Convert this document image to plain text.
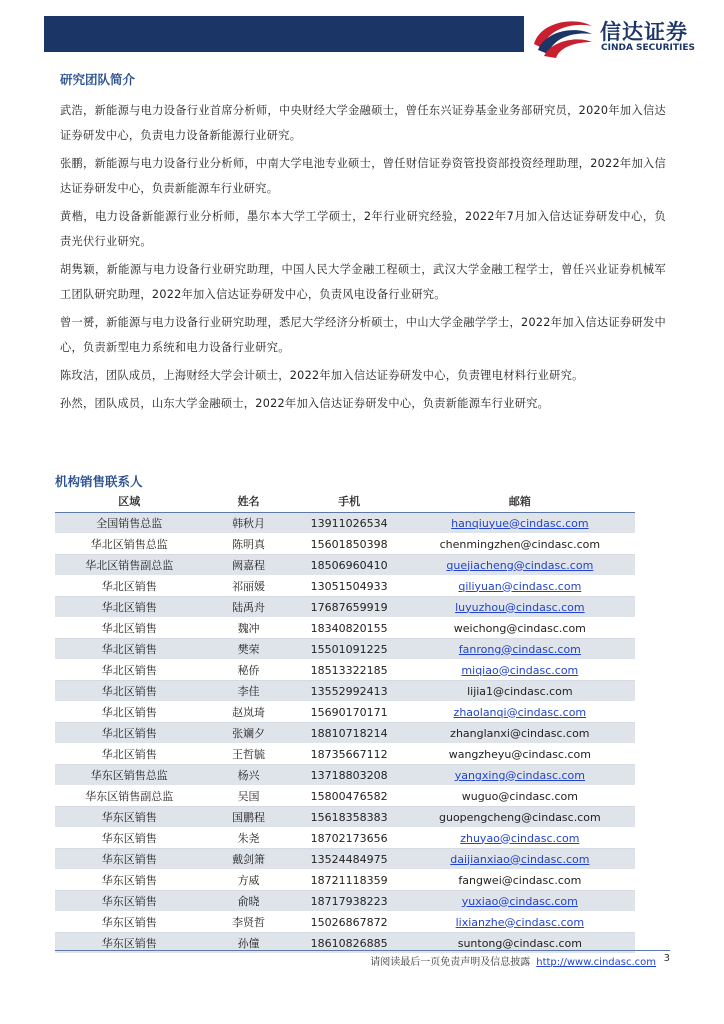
信达证券
CINDA SECURITIES
研究团队简介

武浩，新能源与电力设备行业首席分析师，中央财经大学金融硕士，曾任东兴证券基金业务部研究员，2020年加入信达证券研发中心，负责电力设备新能源行业研究。

张鹏，新能源与电力设备行业分析师，中南大学电池专业硕士，曾任财信证券资管投资部投资经理助理，2022年加入信达证券研发中心，负责新能源车行业研究。

黄楷，电力设备新能源行业分析师，墨尔本大学工学硕士，2年行业研究经验，2022年7月加入信达证券研发中心，负责光伏行业研究。

胡隽颖，新能源与电力设备行业研究助理，中国人民大学金融工程硕士，武汉大学金融工程学士，曾任兴业证券机械军工团队研究助理，2022年加入信达证券研发中心，负责风电设备行业研究。

曾一赟，新能源与电力设备行业研究助理，悉尼大学经济分析硕士，中山大学金融学学士，2022年加入信达证券研发中心，负责新型电力系统和电力设备行业研究。

陈玫洁，团队成员，上海财经大学会计硕士，2022年加入信达证券研发中心，负责锂电材料行业研究。

孙然，团队成员，山东大学金融硕士，2022年加入信达证券研发中心，负责新能源车行业研究。

机构销售联系人
区域	姓名	手机	邮箱
全国销售总监	韩秋月	13911026534	hanqiuyue@cindasc.com
华北区销售总监	陈明真	15601850398	chenmingzhen@cindasc.com
华北区销售副总监	阙嘉程	18506960410	quejiacheng@cindasc.com
华北区销售	祁丽媛	13051504933	qiliyuan@cindasc.com
华北区销售	陆禹舟	17687659919	luyuzhou@cindasc.com
华北区销售	魏冲	18340820155	weichong@cindasc.com
华北区销售	樊荣	15501091225	fanrong@cindasc.com
华北区销售	秘侨	18513322185	miqiao@cindasc.com
华北区销售	李佳	13552992413	lijia1@cindasc.com
华北区销售	赵岚琦	15690170171	zhaolanqi@cindasc.com
华北区销售	张斓夕	18810718214	zhanglanxi@cindasc.com
华北区销售	王哲毓	18735667112	wangzheyu@cindasc.com
华东区销售总监	杨兴	13718803208	yangxing@cindasc.com
华东区销售副总监	吴国	15800476582	wuguo@cindasc.com
华东区销售	国鹏程	15618358383	guopengcheng@cindasc.com
华东区销售	朱尧	18702173656	zhuyao@cindasc.com
华东区销售	戴剑箫	13524484975	daijianxiao@cindasc.com
华东区销售	方威	18721118359	fangwei@cindasc.com
华东区销售	俞晓	18717938223	yuxiao@cindasc.com
华东区销售	李贤哲	15026867872	lixianzhe@cindasc.com
华东区销售	孙僮	18610826885	suntong@cindasc.com
请阅读最后一页免责声明及信息披露 http://www.cindasc.com 3
